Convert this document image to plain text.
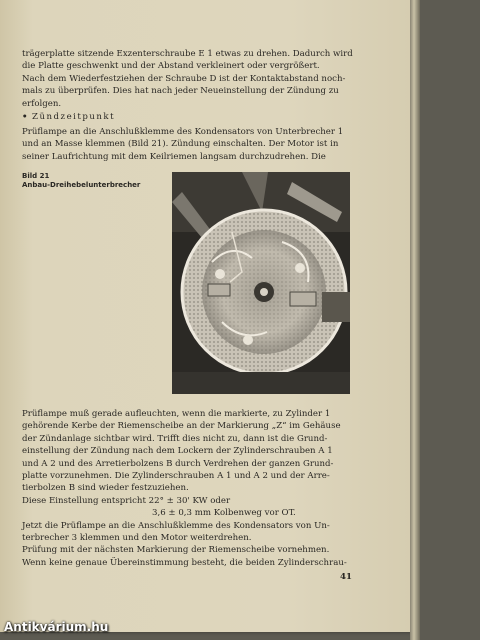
trägerplatte sitzende Exzenterschraube E 1 etwas zu drehen. Dadurch wird

die Platte geschwenkt und der Abstand verkleinert oder vergrößert.

Nach dem Wiederfestziehen der Schraube D ist der Kontaktabstand noch-

mals zu überprüfen. Dies hat nach jeder Neueinstellung der Zündung zu

erfolgen.

• Zündzeitpunkt

Prüflampe an die Anschlußklemme des Kondensators von Unterbrecher 1

und an Masse klemmen (Bild 21). Zündung einschalten. Der Motor ist in

seiner Laufrichtung mit dem Keilriemen langsam durchzudrehen. Die

Bild 21
Anbau-Dreihebelunterbrecher

Prüflampe muß gerade aufleuchten, wenn die markierte, zu Zylinder 1

gehörende Kerbe der Riemenscheibe an der Markierung „Z“ im Gehäuse

der Zündanlage sichtbar wird. Trifft dies nicht zu, dann ist die Grund-

einstellung der Zündung nach dem Lockern der Zylinderschrauben A 1

und A 2 und des Arretierbolzens B durch Verdrehen der ganzen Grund-

platte vorzunehmen. Die Zylinderschrauben A 1 und A 2 und der Arre-

tierbolzen B sind wieder festzuziehen.

Diese Einstellung entspricht 22° ± 30' KW oder

3,6 ± 0,3 mm Kolbenweg vor OT.

Jetzt die Prüflampe an die Anschlußklemme des Kondensators von Un-

terbrecher 3 klemmen und den Motor weiterdrehen.

Prüfung mit der nächsten Markierung der Riemenscheibe vornehmen.

Wenn keine genaue Übereinstimmung besteht, die beiden Zylinderschrau-

41
Antikvárium.hu
